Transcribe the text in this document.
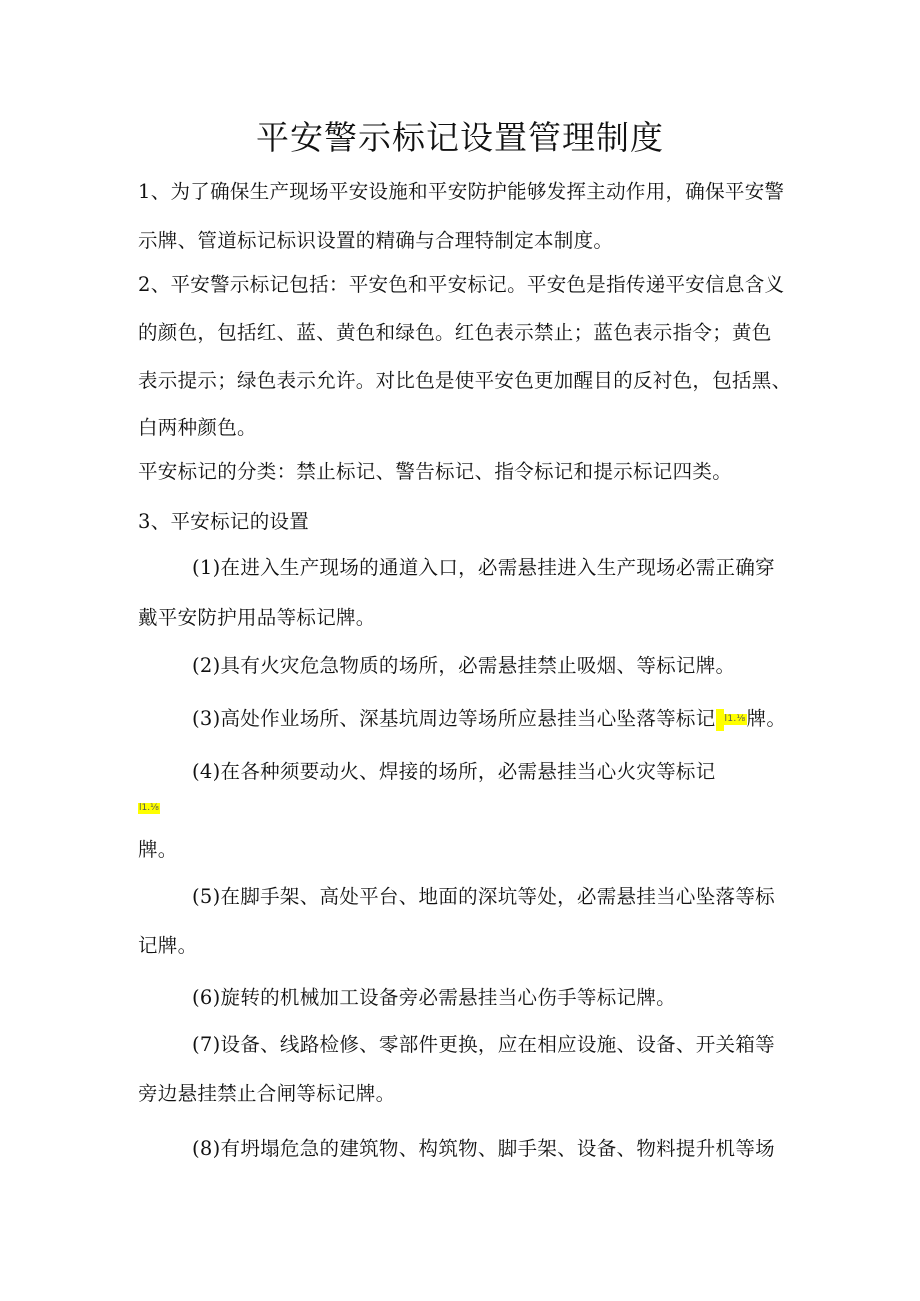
平安警示标记设置管理制度
1、为了确保生产现场平安设施和平安防护能够发挥主动作用，确保平安警
示牌、管道标记标识设置的精确与合理特制定本制度。
2、平安警示标记包括：平安色和平安标记。平安色是指传递平安信息含义
的颜色，包括红、蓝、黄色和绿色。红色表示禁止；蓝色表示指令；黄色
表示提示；绿色表示允许。对比色是使平安色更加醒目的反衬色，包括黑、
白两种颜色。
平安标记的分类：禁止标记、警告标记、指令标记和提示标记四类。
3、平安标记的设置
(1)在进入生产现场的通道入口，必需悬挂进入生产现场必需正确穿
戴平安防护用品等标记牌。
(2)具有火灾危急物质的场所，必需悬挂禁止吸烟、等标记牌。
(3)高处作业场所、深基坑周边等场所应悬挂当心坠落等标记 l1.⅛牌。
(4)在各种须要动火、焊接的场所，必需悬挂当心火灾等标记
l1.⅛
牌。
(5)在脚手架、高处平台、地面的深坑等处，必需悬挂当心坠落等标
记牌。
(6)旋转的机械加工设备旁必需悬挂当心伤手等标记牌。
(7)设备、线路检修、零部件更换，应在相应设施、设备、开关箱等
旁边悬挂禁止合闸等标记牌。
(8)有坍塌危急的建筑物、构筑物、脚手架、设备、物料提升机等场
